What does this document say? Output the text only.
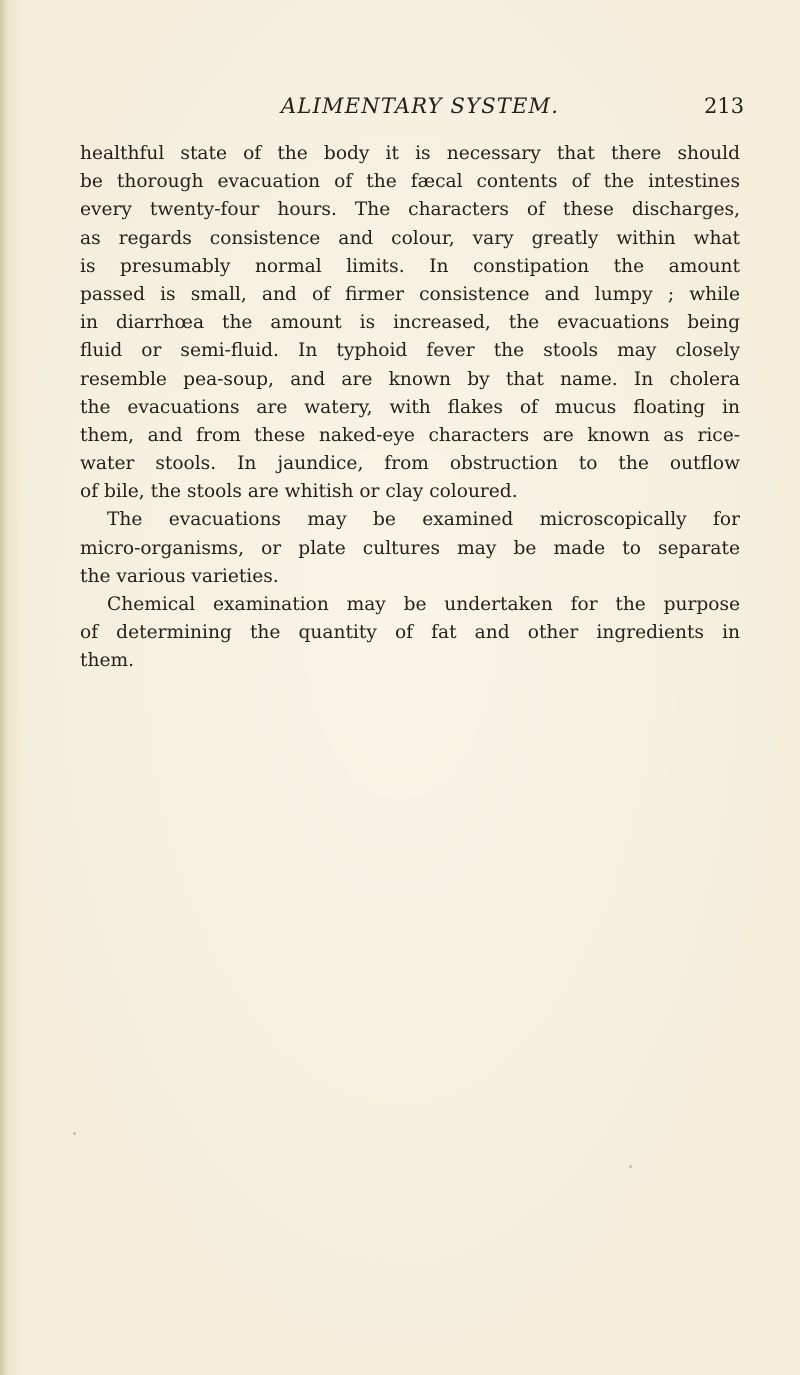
ALIMENTARY SYSTEM.	213
healthful state of the body it is necessary that there should
be thorough evacuation of the fæcal contents of the intestines
every twenty-four hours. The characters of these discharges,
as regards consistence and colour, vary greatly within what
is presumably normal limits. In constipation the amount
passed is small, and of firmer consistence and lumpy ; while
in diarrhœa the amount is increased, the evacuations being
fluid or semi-fluid. In typhoid fever the stools may closely
resemble pea-soup, and are known by that name. In cholera
the evacuations are watery, with flakes of mucus floating in
them, and from these naked-eye characters are known as rice-
water stools. In jaundice, from obstruction to the outflow
of bile, the stools are whitish or clay coloured.
The evacuations may be examined microscopically for
micro-organisms, or plate cultures may be made to separate
the various varieties.
Chemical examination may be undertaken for the purpose
of determining the quantity of fat and other ingredients in
them.
